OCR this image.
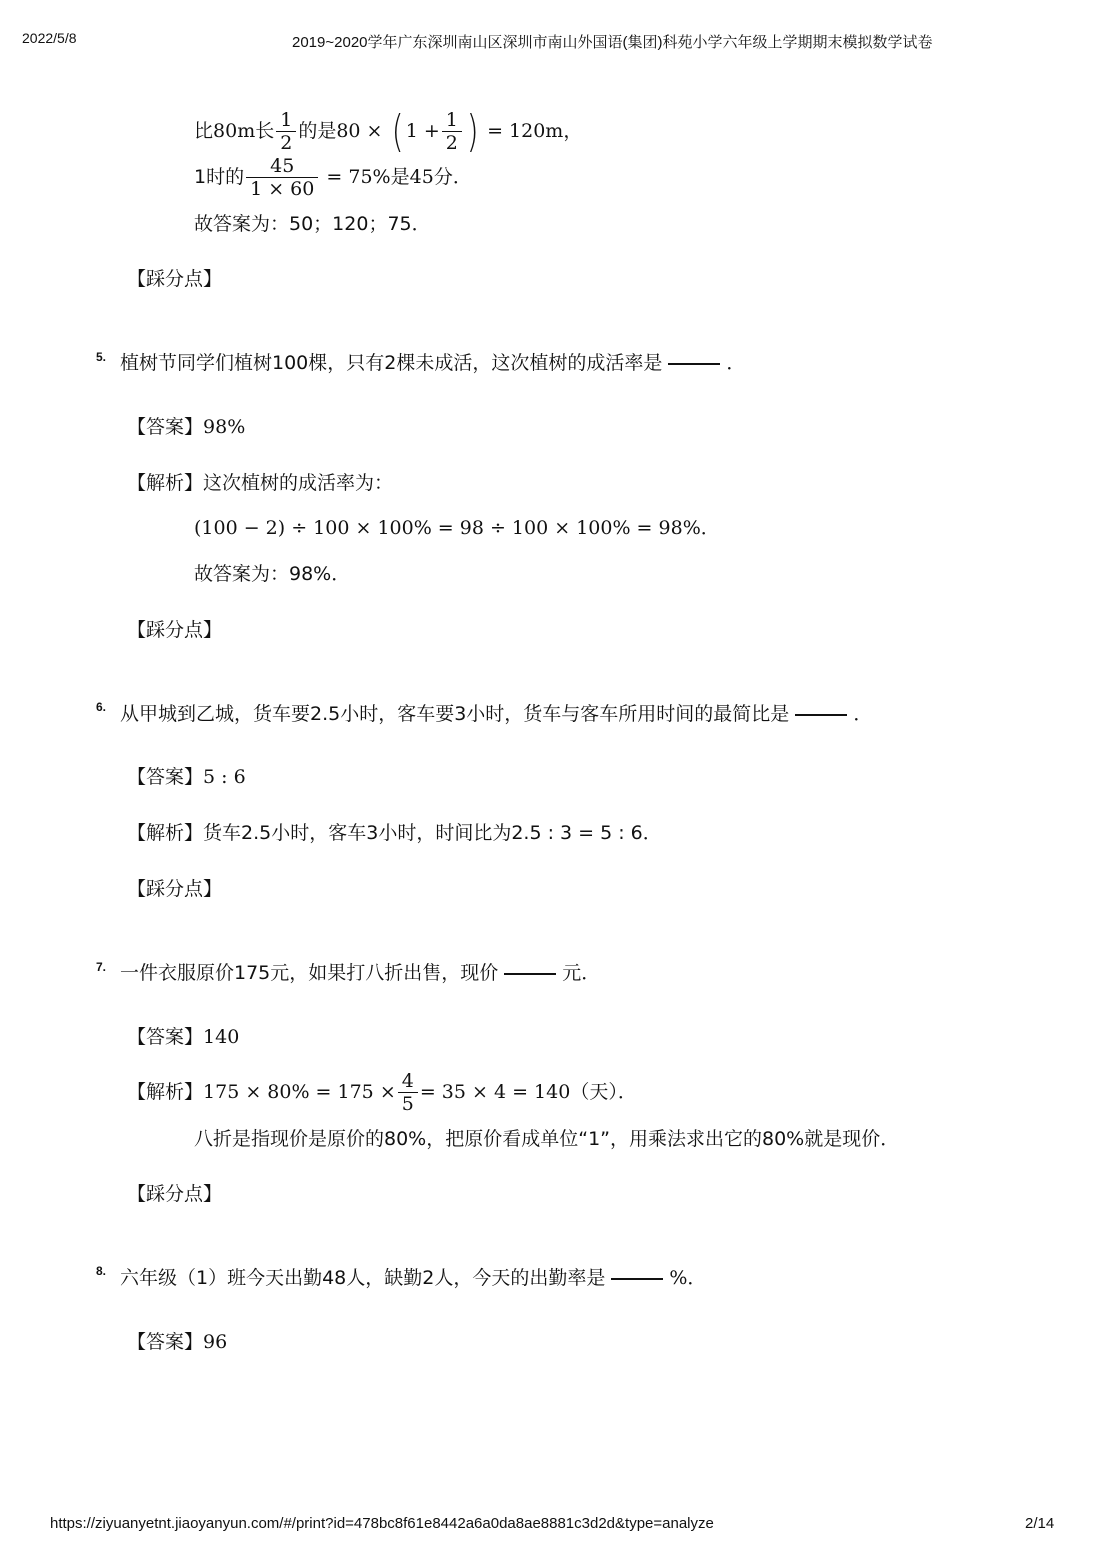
2022/5/8	2019~2020学年广东深圳南山区深圳市南山外国语(集团)科苑小学六年级上学期期末模拟数学试卷
比80m长 $\frac{1}{2}$ 的是80 × ( $1 + \frac{1}{2}$ ) = 120m，
1时的 $\frac{45}{1 \times 60} = 75\%$是45分．
故答案为：50；120；75．
【踩分点】
5. 植树节同学们植树100棵，只有2棵未成活，这次植树的成活率是	．
【答案】98%
【解析】这次植树的成活率为：
(100 − 2) ÷ 100 × 100% = 98 ÷ 100 × 100% = 98%．
故答案为：98%．
【踩分点】
6. 从甲城到乙城，货车要2.5小时，客车要3小时，货车与客车所用时间的最简比是	．
【答案】5 : 6
【解析】货车2.5小时，客车3小时，时间比为2.5 : 3 = 5 : 6．
【踩分点】
7. 一件衣服原价175元，如果打八折出售，现价	元．
【答案】140
【解析】$175 \times 80\% = 175 \times \frac{4}{5} = 35 \times 4 = 140$（天）．
八折是指现价是原价的80%，把原价看成单位“1”，用乘法求出它的80%就是现价．
【踩分点】
8. 六年级（1）班今天出勤48人，缺勤2人，今天的出勤率是	%．
【答案】96
https://ziyuanyetnt.jiaoyanyun.com/#/print?id=478bc8f61e8442a6a0da8ae8881c3d2d&type=analyze	2/14
